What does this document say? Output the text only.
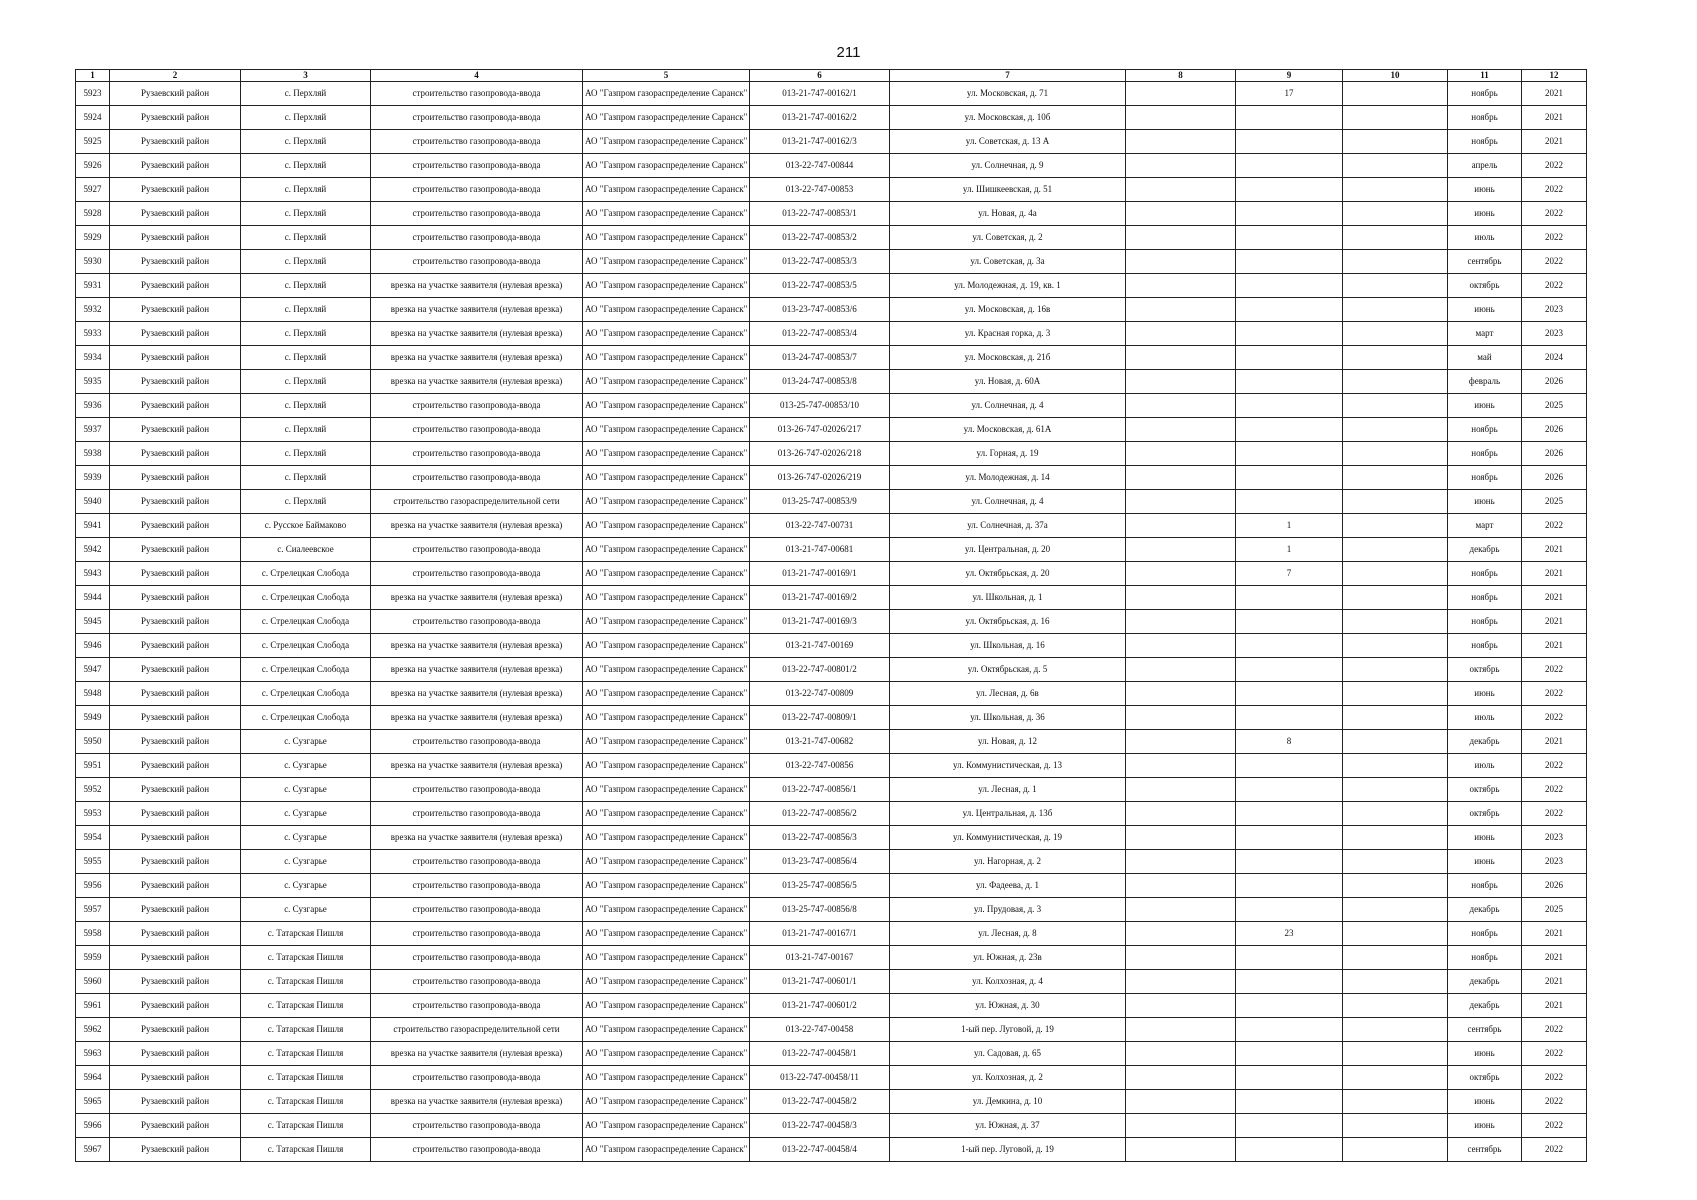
211
1	2	3	4	5	6	7	8	9	10	11	12
5923	Рузаевский район	с. Перхляй	строительство газопровода-ввода	АО "Газпром газораспределение Саранск"	013-21-747-00162/1	ул. Московская, д. 71		17		ноябрь	2021
5924	Рузаевский район	с. Перхляй	строительство газопровода-ввода	АО "Газпром газораспределение Саранск"	013-21-747-00162/2	ул. Московская, д. 10б				ноябрь	2021
5925	Рузаевский район	с. Перхляй	строительство газопровода-ввода	АО "Газпром газораспределение Саранск"	013-21-747-00162/3	ул. Советская, д. 13 А				ноябрь	2021
5926	Рузаевский район	с. Перхляй	строительство газопровода-ввода	АО "Газпром газораспределение Саранск"	013-22-747-00844	ул. Солнечная, д. 9				апрель	2022
5927	Рузаевский район	с. Перхляй	строительство газопровода-ввода	АО "Газпром газораспределение Саранск"	013-22-747-00853	ул. Шишкеевская, д. 51				июнь	2022
5928	Рузаевский район	с. Перхляй	строительство газопровода-ввода	АО "Газпром газораспределение Саранск"	013-22-747-00853/1	ул. Новая, д. 4а				июнь	2022
5929	Рузаевский район	с. Перхляй	строительство газопровода-ввода	АО "Газпром газораспределение Саранск"	013-22-747-00853/2	ул. Советская, д. 2				июль	2022
5930	Рузаевский район	с. Перхляй	строительство газопровода-ввода	АО "Газпром газораспределение Саранск"	013-22-747-00853/3	ул. Советская, д. 3а				сентябрь	2022
5931	Рузаевский район	с. Перхляй	врезка на участке заявителя (нулевая врезка)	АО "Газпром газораспределение Саранск"	013-22-747-00853/5	ул. Молодежная, д. 19, кв. 1				октябрь	2022
5932	Рузаевский район	с. Перхляй	врезка на участке заявителя (нулевая врезка)	АО "Газпром газораспределение Саранск"	013-23-747-00853/6	ул. Московская, д. 16в				июнь	2023
5933	Рузаевский район	с. Перхляй	врезка на участке заявителя (нулевая врезка)	АО "Газпром газораспределение Саранск"	013-22-747-00853/4	ул. Красная горка, д. 3				март	2023
5934	Рузаевский район	с. Перхляй	врезка на участке заявителя (нулевая врезка)	АО "Газпром газораспределение Саранск"	013-24-747-00853/7	ул. Московская, д. 21б				май	2024
5935	Рузаевский район	с. Перхляй	врезка на участке заявителя (нулевая врезка)	АО "Газпром газораспределение Саранск"	013-24-747-00853/8	ул. Новая, д. 60А				февраль	2026
5936	Рузаевский район	с. Перхляй	строительство газопровода-ввода	АО "Газпром газораспределение Саранск"	013-25-747-00853/10	ул. Солнечная, д. 4				июнь	2025
5937	Рузаевский район	с. Перхляй	строительство газопровода-ввода	АО "Газпром газораспределение Саранск"	013-26-747-02026/217	ул. Московская, д. 61А				ноябрь	2026
5938	Рузаевский район	с. Перхляй	строительство газопровода-ввода	АО "Газпром газораспределение Саранск"	013-26-747-02026/218	ул. Горная, д. 19				ноябрь	2026
5939	Рузаевский район	с. Перхляй	строительство газопровода-ввода	АО "Газпром газораспределение Саранск"	013-26-747-02026/219	ул. Молодежная, д. 14				ноябрь	2026
5940	Рузаевский район	с. Перхляй	строительство газораспределительной сети	АО "Газпром газораспределение Саранск"	013-25-747-00853/9	ул. Солнечная, д. 4				июнь	2025
5941	Рузаевский район	с. Русское Баймаково	врезка на участке заявителя (нулевая врезка)	АО "Газпром газораспределение Саранск"	013-22-747-00731	ул. Солнечная, д. 37а		1		март	2022
5942	Рузаевский район	с. Сиалеевское	строительство газопровода-ввода	АО "Газпром газораспределение Саранск"	013-21-747-00681	ул. Центральная, д. 20		1		декабрь	2021
5943	Рузаевский район	с. Стрелецкая Слобода	строительство газопровода-ввода	АО "Газпром газораспределение Саранск"	013-21-747-00169/1	ул. Октябрьская, д. 20		7		ноябрь	2021
5944	Рузаевский район	с. Стрелецкая Слобода	врезка на участке заявителя (нулевая врезка)	АО "Газпром газораспределение Саранск"	013-21-747-00169/2	ул. Школьная, д. 1				ноябрь	2021
5945	Рузаевский район	с. Стрелецкая Слобода	строительство газопровода-ввода	АО "Газпром газораспределение Саранск"	013-21-747-00169/3	ул. Октябрьская, д. 16				ноябрь	2021
5946	Рузаевский район	с. Стрелецкая Слобода	врезка на участке заявителя (нулевая врезка)	АО "Газпром газораспределение Саранск"	013-21-747-00169	ул. Школьная, д. 16				ноябрь	2021
5947	Рузаевский район	с. Стрелецкая Слобода	врезка на участке заявителя (нулевая врезка)	АО "Газпром газораспределение Саранск"	013-22-747-00801/2	ул. Октябрьская, д. 5				октябрь	2022
5948	Рузаевский район	с. Стрелецкая Слобода	врезка на участке заявителя (нулевая врезка)	АО "Газпром газораспределение Саранск"	013-22-747-00809	ул. Лесная, д. 6в				июнь	2022
5949	Рузаевский район	с. Стрелецкая Слобода	врезка на участке заявителя (нулевая врезка)	АО "Газпром газораспределение Саранск"	013-22-747-00809/1	ул. Школьная, д. 36				июль	2022
5950	Рузаевский район	с. Сузгарье	строительство газопровода-ввода	АО "Газпром газораспределение Саранск"	013-21-747-00682	ул. Новая, д. 12		8		декабрь	2021
5951	Рузаевский район	с. Сузгарье	врезка на участке заявителя (нулевая врезка)	АО "Газпром газораспределение Саранск"	013-22-747-00856	ул. Коммунистическая, д. 13				июль	2022
5952	Рузаевский район	с. Сузгарье	строительство газопровода-ввода	АО "Газпром газораспределение Саранск"	013-22-747-00856/1	ул. Лесная, д. 1				октябрь	2022
5953	Рузаевский район	с. Сузгарье	строительство газопровода-ввода	АО "Газпром газораспределение Саранск"	013-22-747-00856/2	ул. Центральная, д. 13б				октябрь	2022
5954	Рузаевский район	с. Сузгарье	врезка на участке заявителя (нулевая врезка)	АО "Газпром газораспределение Саранск"	013-22-747-00856/3	ул. Коммунистическая, д. 19				июнь	2023
5955	Рузаевский район	с. Сузгарье	строительство газопровода-ввода	АО "Газпром газораспределение Саранск"	013-23-747-00856/4	ул. Нагорная, д. 2				июнь	2023
5956	Рузаевский район	с. Сузгарье	строительство газопровода-ввода	АО "Газпром газораспределение Саранск"	013-25-747-00856/5	ул. Фадеева, д. 1				ноябрь	2026
5957	Рузаевский район	с. Сузгарье	строительство газопровода-ввода	АО "Газпром газораспределение Саранск"	013-25-747-00856/8	ул. Прудовая, д. 3				декабрь	2025
5958	Рузаевский район	с. Татарская Пишля	строительство газопровода-ввода	АО "Газпром газораспределение Саранск"	013-21-747-00167/1	ул. Лесная, д. 8		23		ноябрь	2021
5959	Рузаевский район	с. Татарская Пишля	строительство газопровода-ввода	АО "Газпром газораспределение Саранск"	013-21-747-00167	ул. Южная, д. 23в				ноябрь	2021
5960	Рузаевский район	с. Татарская Пишля	строительство газопровода-ввода	АО "Газпром газораспределение Саранск"	013-21-747-00601/1	ул. Колхозная, д. 4				декабрь	2021
5961	Рузаевский район	с. Татарская Пишля	строительство газопровода-ввода	АО "Газпром газораспределение Саранск"	013-21-747-00601/2	ул. Южная, д. 30				декабрь	2021
5962	Рузаевский район	с. Татарская Пишля	строительство газораспределительной сети	АО "Газпром газораспределение Саранск"	013-22-747-00458	1-ый пер. Луговой, д. 19				сентябрь	2022
5963	Рузаевский район	с. Татарская Пишля	врезка на участке заявителя (нулевая врезка)	АО "Газпром газораспределение Саранск"	013-22-747-00458/1	ул. Садовая, д. 65				июнь	2022
5964	Рузаевский район	с. Татарская Пишля	строительство газопровода-ввода	АО "Газпром газораспределение Саранск"	013-22-747-00458/11	ул. Колхозная, д. 2				октябрь	2022
5965	Рузаевский район	с. Татарская Пишля	врезка на участке заявителя (нулевая врезка)	АО "Газпром газораспределение Саранск"	013-22-747-00458/2	ул. Демкина, д. 10				июнь	2022
5966	Рузаевский район	с. Татарская Пишля	строительство газопровода-ввода	АО "Газпром газораспределение Саранск"	013-22-747-00458/3	ул. Южная, д. 37				июнь	2022
5967	Рузаевский район	с. Татарская Пишля	строительство газопровода-ввода	АО "Газпром газораспределение Саранск"	013-22-747-00458/4	1-ый пер. Луговой, д. 19				сентябрь	2022
